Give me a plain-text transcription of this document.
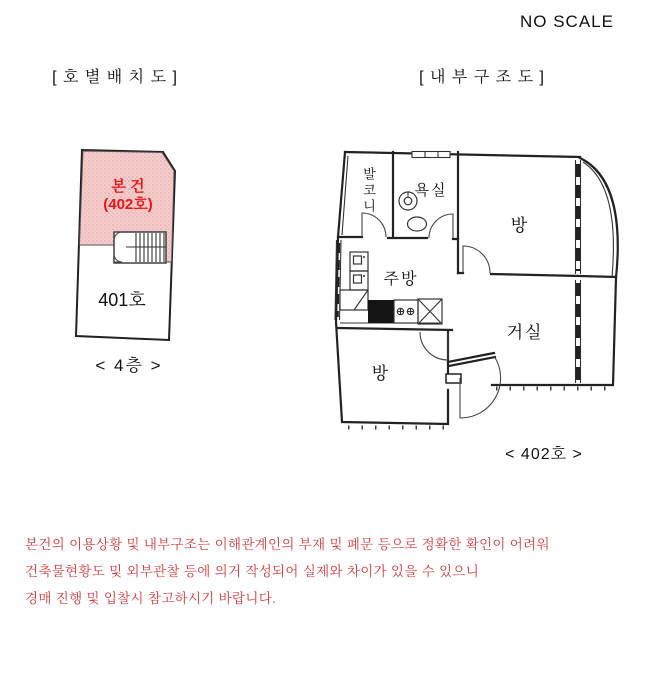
NO SCALE
[ 호 별 배 치 도 ]	[ 내 부 구 조 도 ]
본 건
(402호)
401호
< 4층 >
발코니	욕실
방
주방
거실
방
< 402호 >
본건의 이용상황 및 내부구조는 이해관계인의 부재 및 폐문 등으로 정확한 확인이 어려워
건축물현황도 및 외부관찰 등에 의거 작성되어 실제와 차이가 있을 수 있으니
경매 진행 및 입찰시 참고하시기 바랍니다.
